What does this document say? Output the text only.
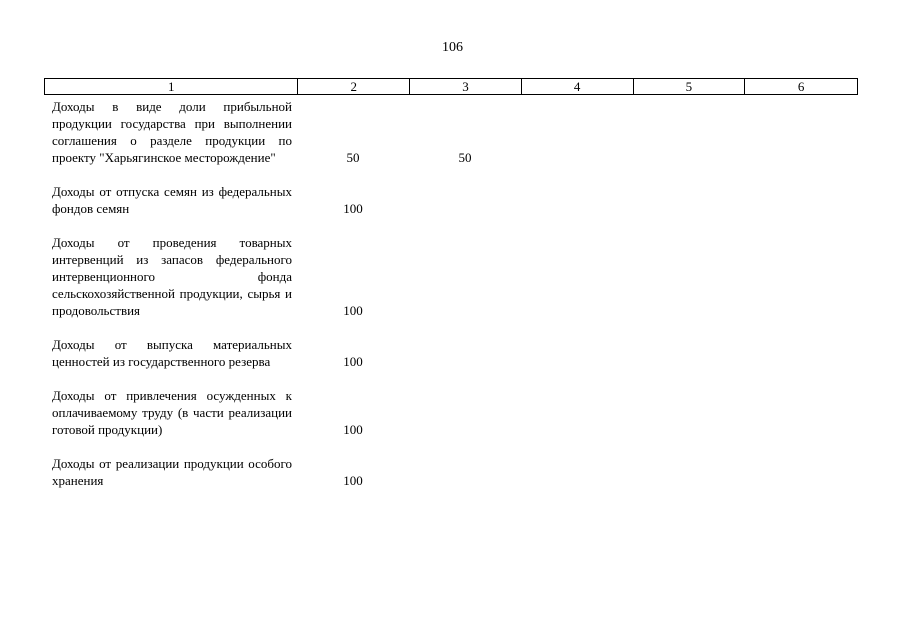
106
1	2	3	4	5	6
Доходы в виде доли прибыльной продукции государства при выполнении соглашения о разделе продукции по проекту "Харьягинское месторождение"	50	50
Доходы от отпуска семян из федеральных фондов семян	100
Доходы от проведения товарных интервенций из запасов федерального интервенционного фонда сельскохозяйственной продукции, сырья и продовольствия	100
Доходы от выпуска материальных ценностей из государственного резерва	100
Доходы от привлечения осужденных к оплачиваемому труду (в части реализации готовой продукции)	100
Доходы от реализации продукции особого хранения	100
